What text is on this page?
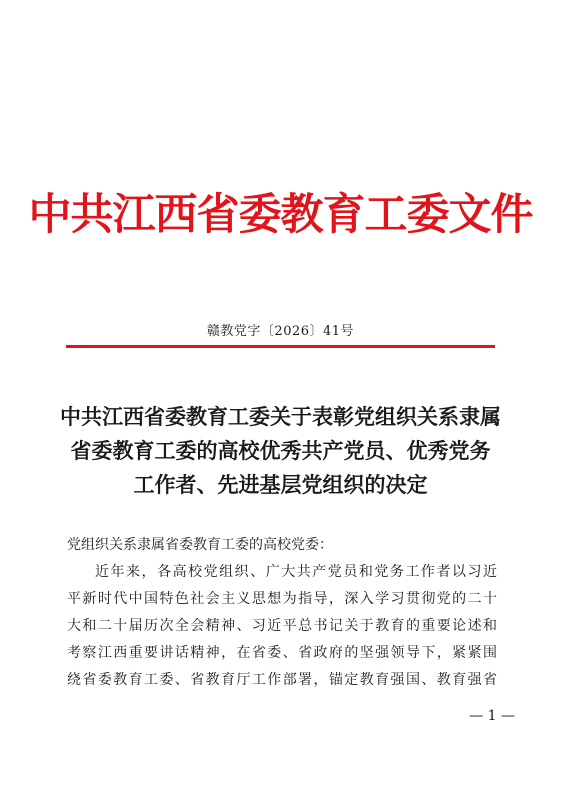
中共江西省委教育工委文件
赣教党字〔2026〕41号
中共江西省委教育工委关于表彰党组织关系隶属
省委教育工委的高校优秀共产党员、优秀党务
工作者、先进基层党组织的决定
党组织关系隶属省委教育工委的高校党委：
近年来，各高校党组织、广大共产党员和党务工作者以习近
平新时代中国特色社会主义思想为指导，深入学习贯彻党的二十
大和二十届历次全会精神、习近平总书记关于教育的重要论述和
考察江西重要讲话精神，在省委、省政府的坚强领导下，紧紧围
绕省委教育工委、省教育厅工作部署，锚定教育强国、教育强省
— 1 —
